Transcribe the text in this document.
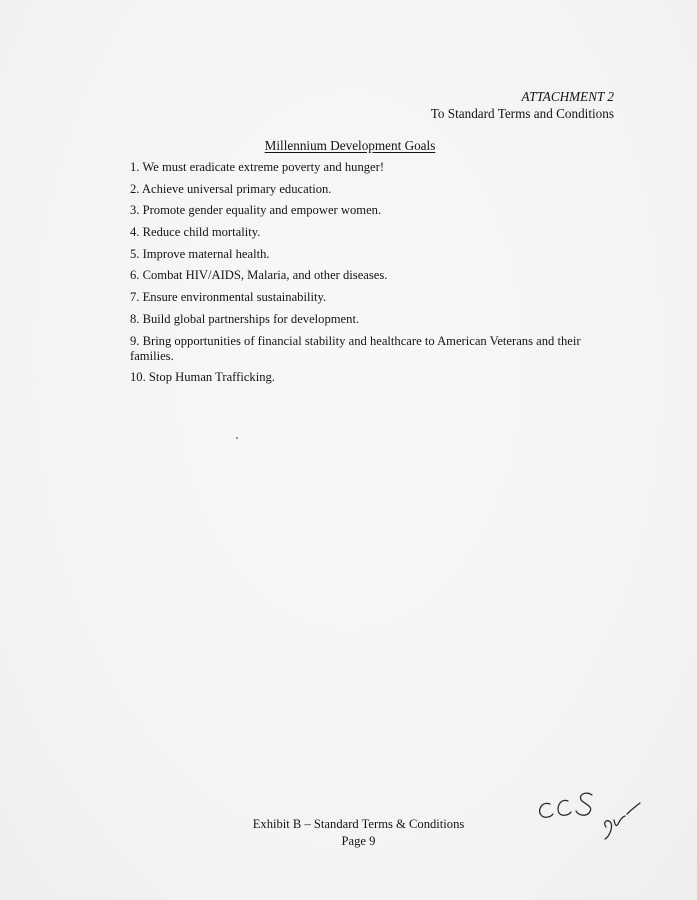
ATTACHMENT 2
To Standard Terms and Conditions
Millennium Development Goals
1. We must eradicate extreme poverty and hunger!
2. Achieve universal primary education.
3. Promote gender equality and empower women.
4. Reduce child mortality.
5. Improve maternal health.
6. Combat HIV/AIDS, Malaria, and other diseases.
7. Ensure environmental sustainability.
8. Build global partnerships for development.
9. Bring opportunities of financial stability and healthcare to American Veterans and their families.
10. Stop Human Trafficking.
Exhibit B – Standard Terms & Conditions
Page 9
